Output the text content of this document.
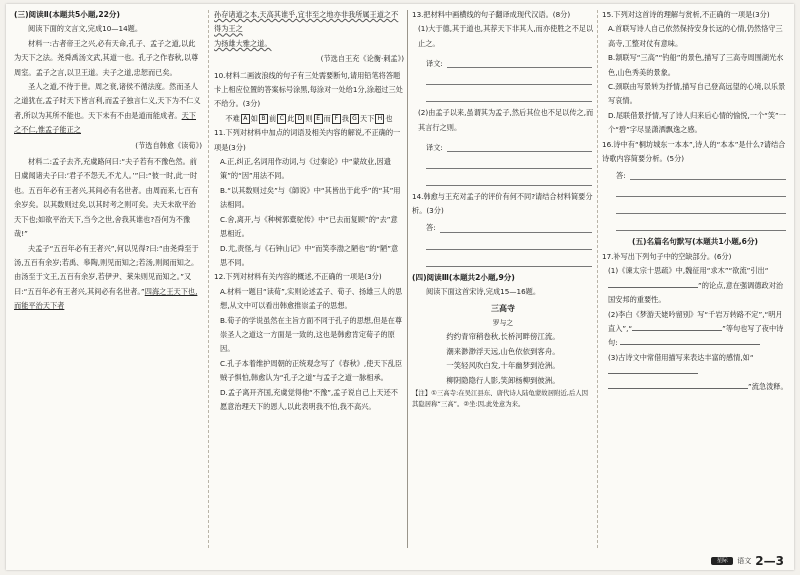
(三)阅读Ⅱ(本题共5小题,22分)

阅读下面的文言文,完成10—14题。

材料一:古者帝王之兴,必有天命,孔子、孟子之道,以此为天下之法。尧舜禹汤文武,其道一也。孔子之作春秋,以尊周室。孟子之言,以卫王道。夫子之道,忠恕而已矣。

圣人之道,不待于世。周之衰,诸侯不循法度。然而圣人之道犹在,孟子时天下皆言利,而孟子独言仁义,天下为不仁义者,所以为其所不能也。天下未有不由是道而能成者。天下之不仁,惟孟子能正之

(节选自韩愈《读荀》)

材料二:孟子去齐,充虞路问曰:“夫子若有不豫色然。前日虞闻诸夫子曰:‘君子不怨天,不尤人。’”曰:“彼一时,此一时也。五百年必有王者兴,其间必有名世者。由周而来,七百有余岁矣。以其数则过矣,以其时考之则可矣。夫天未欲平治天下也;如欲平治天下,当今之世,舍我其谁也?吾何为不豫哉!”

夫孟子“五百年必有王者兴”,何以见得?曰:“由尧舜至于汤,五百有余岁;若禹、皋陶,则见而知之;若汤,则闻而知之。由汤至于文王,五百有余岁,若伊尹、莱朱则见而知之。”又曰:“五百年必有王者兴,其间必有名世者。”四海之王天下也,而能平治天下者

孙存诸道之本,天高其谁乎,宜非至之地亦非我所属王道之不得为王之

为扬雄大雅之道。

(节选自王充《论衡·刺孟》)

10.材料二画波浪线的句子有三处需要断句,请用铅笔将答题卡上相应位置的答案标号涂黑,每涂对一处给1分,涂超过三处不给分。(3分)

不难 A 如 B 前 C 此 D 则 E 而 F 我 G 天下 H 也

11.下列对材料中加点的词语及相关内容的解说,不正确的一项是(3分)

A.正,纠正,名词用作动词,与《过秦论》中“蒙故业,因遗策”的“因”用法不同。

B.“以其数则过矣”与《師说》中“其皆出于此乎”的“其”用法相同。

C.舍,离开,与《种树郭橐驼传》中“已去而复顾”的“去”意思相近。

D.尤,责怪,与《石钟山记》中“而笑李渤之陋也”的“陋”意思不同。

12.下列对材料有关内容的概述,不正确的一项是(3分)

A.材料一题目“读荀”,实则论述孟子、荀子、扬雄三人的思想,从文中可以看出韩愈推崇孟子的思想。

B.荀子的学说虽然在主旨方面不同于孔子的思想,但是在尊崇圣人之道这一方面是一致的,这也是韩愈肯定荀子的原因。

C.孔子本着维护周朝的正统观念写了《春秋》,使天下乱臣贼子惧怕,韩愈认为“孔子之道”与孟子之道一脉相承。

D.孟子离开齐国,充虞觉得他“不豫”,孟子说自己上天还不愿意治理天下的恩人,以此表明我不怕,我不高兴。

13.把材料中画横线的句子翻译成现代汉语。(8分)

(1)大于德,其于道也,其荐天下非其人,而亦使胜之不足以止之。

译文:

(2)由孟子以来,虽谓其为孟子,然后其位也不足以传之,而其言行之则。

译文:

14.韩愈与王充对孟子的评价有何不同?请结合材料简要分析。(3分)

答:

(四)阅读Ⅲ(本题共2小题,9分)

阅读下面这首宋诗,完成15—16题。

三高寺
罗与之
约约青帘稍卷秋,长桥河畔傍江流。
潮来渺渺浮天远,山色依依到客舟。
一笑轻风吹白发,十年幽梦到沧洲。
柳阴隐隐行人影,笑卸杨柳到彼洲。

【注】①三高寺:在吴江县东、唐代诗人陆龟蒙故居附近,后人因其隐居称“三高”。②坐:因,此处意为来。

15.下列对这首诗的理解与赏析,不正确的一项是(3分)

A.首联写诗人自己依然保持安身长远的心情,仍然恪守三高寺,工整对仗有意味。

B.颔联写“三高”“钓船”的景色,描写了三高寺周围湖光水色,山色秀美的景象。

C.颈联由写景转为抒情,描写自己登高远望的心境,以乐景写哀情。

D.尾联借景抒情,写了诗人归来后心情的愉悦,一个“笑”一个“碧”字尽显潇洒飘逸之感。

16.诗中有“桐坊城东一本本”,诗人的“本本”是什么?请结合诗歌内容简要分析。(5分)

答:

(五)名篇名句默写(本题共1小题,6分)

17.补写出下列句子中的空缺部分。(6分)

(1)《谏太宗十思疏》中,魏征用“求木”“欲流”引出“”的论点,意在强调德政对治国安邦的重要性。

(2)李白《梦游天姥吟留别》写“千岩万转路不定”,“明月直入”,“	”等句也写了夜中诗句:

(3)古诗文中常借用描写来表达丰富的感情,如“ ”流急泼释。

星际	语文 2—3
